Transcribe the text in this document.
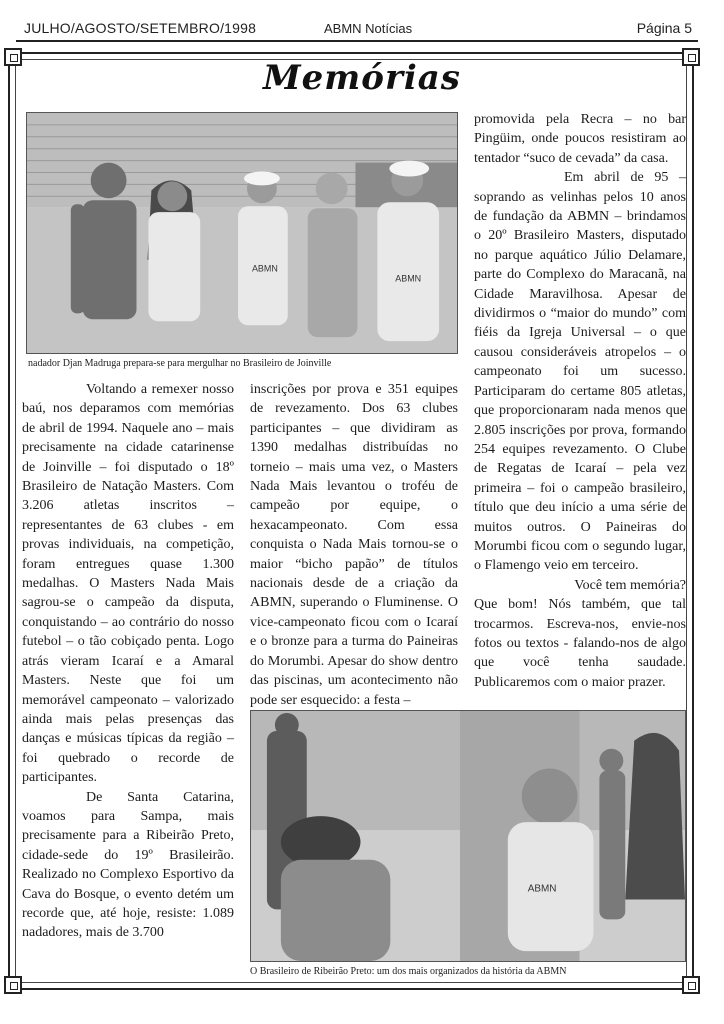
JULHO/AGOSTO/SETEMBRO/1998	ABMN Notícias	Página 5
Memórias
ABMN
ABMN
nadador Djan Madruga prepara-se para mergulhar no Brasileiro de Joinville

Voltando a remexer nosso baú, nos deparamos com memórias de abril de 1994. Naquele ano – mais precisamente na cidade catarinense de Joinville – foi disputado o 18º Brasileiro de Natação Masters. Com 3.206 atletas inscritos – representantes de 63 clubes - em provas individuais, na competição, foram entregues quase 1.300 medalhas. O Masters Nada Mais sagrou-se o campeão da disputa, conquistando – ao contrário do nosso futebol – o tão cobiçado penta. Logo atrás vieram Icaraí e a Amaral Masters. Neste que foi um memorável campeonato – valorizado ainda mais pelas presenças das danças e músicas típicas da região – foi quebrado o recorde de participantes.

De Santa Catarina, voamos para Sampa, mais precisamente para a Ribeirão Preto, cidade-sede do 19º Brasileirão. Realizado no Complexo Esportivo da Cava do Bosque, o evento detém um recorde que, até hoje, resiste: 1.089 nadadores, mais de 3.700

inscrições por prova e 351 equipes de revezamento. Dos 63 clubes participantes – que dividiram as 1390 medalhas distribuídas no torneio – mais uma vez, o Masters Nada Mais levantou o troféu de campeão por equipe, o hexacampeonato. Com essa conquista o Nada Mais tornou-se o maior “bicho papão” de títulos nacionais desde de a criação da ABMN, superando o Fluminense. O vice-campeonato ficou com o Icaraí e o bronze para a turma do Paineiras do Morumbi. Apesar do show dentro das piscinas, um acontecimento não pode ser esquecido: a festa –

promovida pela Recra – no bar Pingüim, onde poucos resistiram ao tentador “suco de cevada” da casa.

Em abril de 95 – soprando as velinhas pelos 10 anos de fundação da ABMN – brindamos o 20º Brasileiro Masters, disputado no parque aquático Júlio Delamare, parte do Complexo do Maracanã, na Cidade Maravilhosa. Apesar de dividirmos o “maior do mundo” com fiéis da Igreja Universal – o que causou consideráveis atropelos – o campeonato foi um sucesso. Participaram do certame 805 atletas, que proporcionaram nada menos que 2.805 inscrições por prova, formando 254 equipes revezamento. O Clube de Regatas de Icaraí – pela vez primeira – foi o campeão brasileiro, título que deu início a uma série de muitos outros. O Paineiras do Morumbi ficou com o segundo lugar, o Flamengo veio em terceiro.

Você tem memória?

Que bom! Nós também, que tal trocarmos. Escreva-nos, envie-nos fotos ou textos - falando-nos de algo que você tenha saudade. Publicaremos com o maior prazer.

ABMN
O Brasileiro de Ribeirão Preto: um dos mais organizados da história da ABMN
